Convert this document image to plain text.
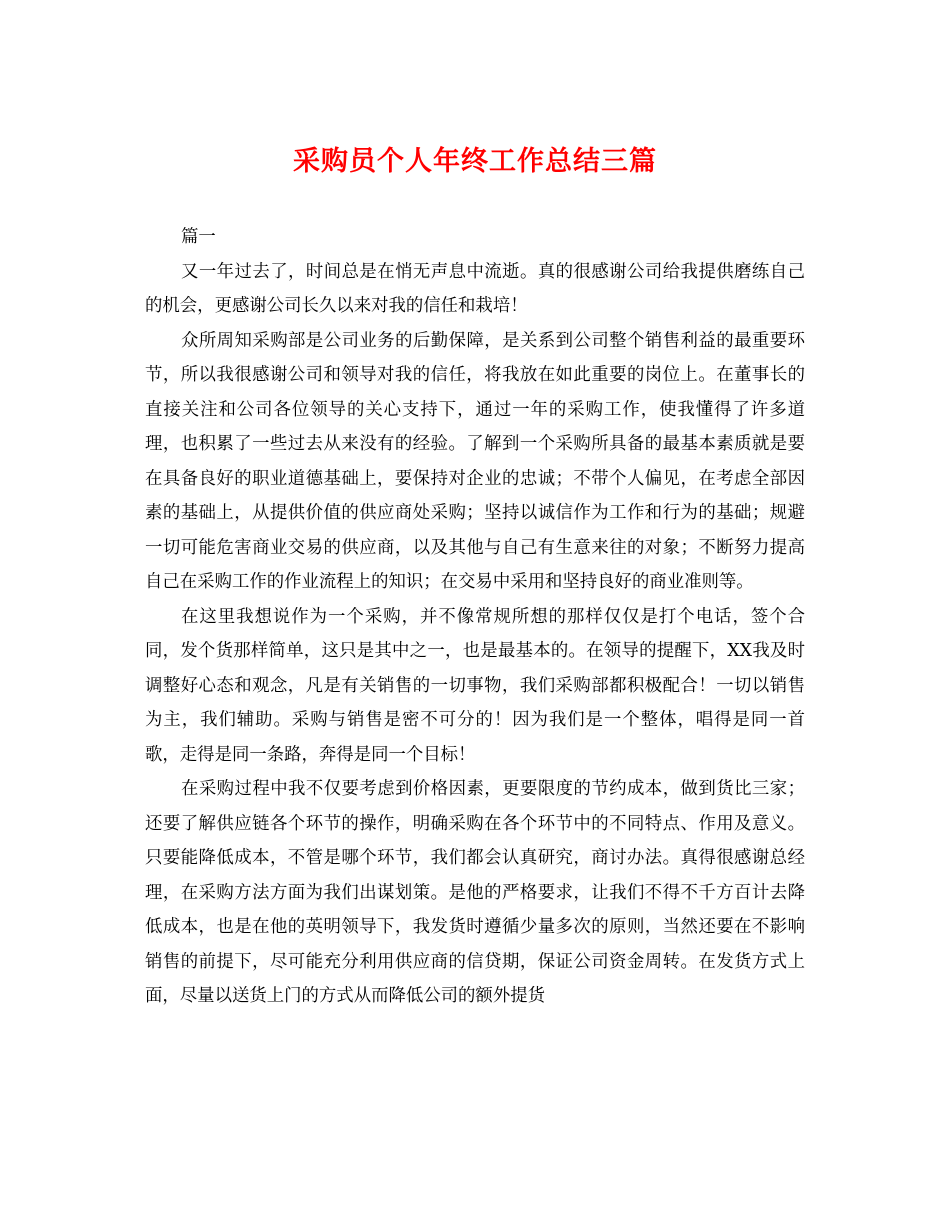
采购员个人年终工作总结三篇

篇一

又一年过去了，时间总是在悄无声息中流逝。真的很感谢公司给我提供磨练自己的机会，更感谢公司长久以来对我的信任和栽培！

众所周知采购部是公司业务的后勤保障，是关系到公司整个销售利益的最重要环节，所以我很感谢公司和领导对我的信任，将我放在如此重要的岗位上。在董事长的直接关注和公司各位领导的关心支持下，通过一年的采购工作，使我懂得了许多道理，也积累了一些过去从来没有的经验。了解到一个采购所具备的最基本素质就是要在具备良好的职业道德基础上，要保持对企业的忠诚；不带个人偏见，在考虑全部因素的基础上，从提供价值的供应商处采购；坚持以诚信作为工作和行为的基础；规避一切可能危害商业交易的供应商，以及其他与自己有生意来往的对象；不断努力提高自己在采购工作的作业流程上的知识；在交易中采用和坚持良好的商业准则等。

在这里我想说作为一个采购，并不像常规所想的那样仅仅是打个电话，签个合同，发个货那样简单，这只是其中之一，也是最基本的。在领导的提醒下，XX我及时调整好心态和观念，凡是有关销售的一切事物，我们采购部都积极配合！一切以销售为主，我们辅助。采购与销售是密不可分的！因为我们是一个整体，唱得是同一首歌，走得是同一条路，奔得是同一个目标！

在采购过程中我不仅要考虑到价格因素，更要限度的节约成本，做到货比三家；还要了解供应链各个环节的操作，明确采购在各个环节中的不同特点、作用及意义。只要能降低成本，不管是哪个环节，我们都会认真研究，商讨办法。真得很感谢总经理，在采购方法方面为我们出谋划策。是他的严格要求，让我们不得不千方百计去降低成本，也是在他的英明领导下，我发货时遵循少量多次的原则，当然还要在不影响销售的前提下，尽可能充分利用供应商的信贷期，保证公司资金周转。在发货方式上面，尽量以送货上门的方式从而降低公司的额外提货
